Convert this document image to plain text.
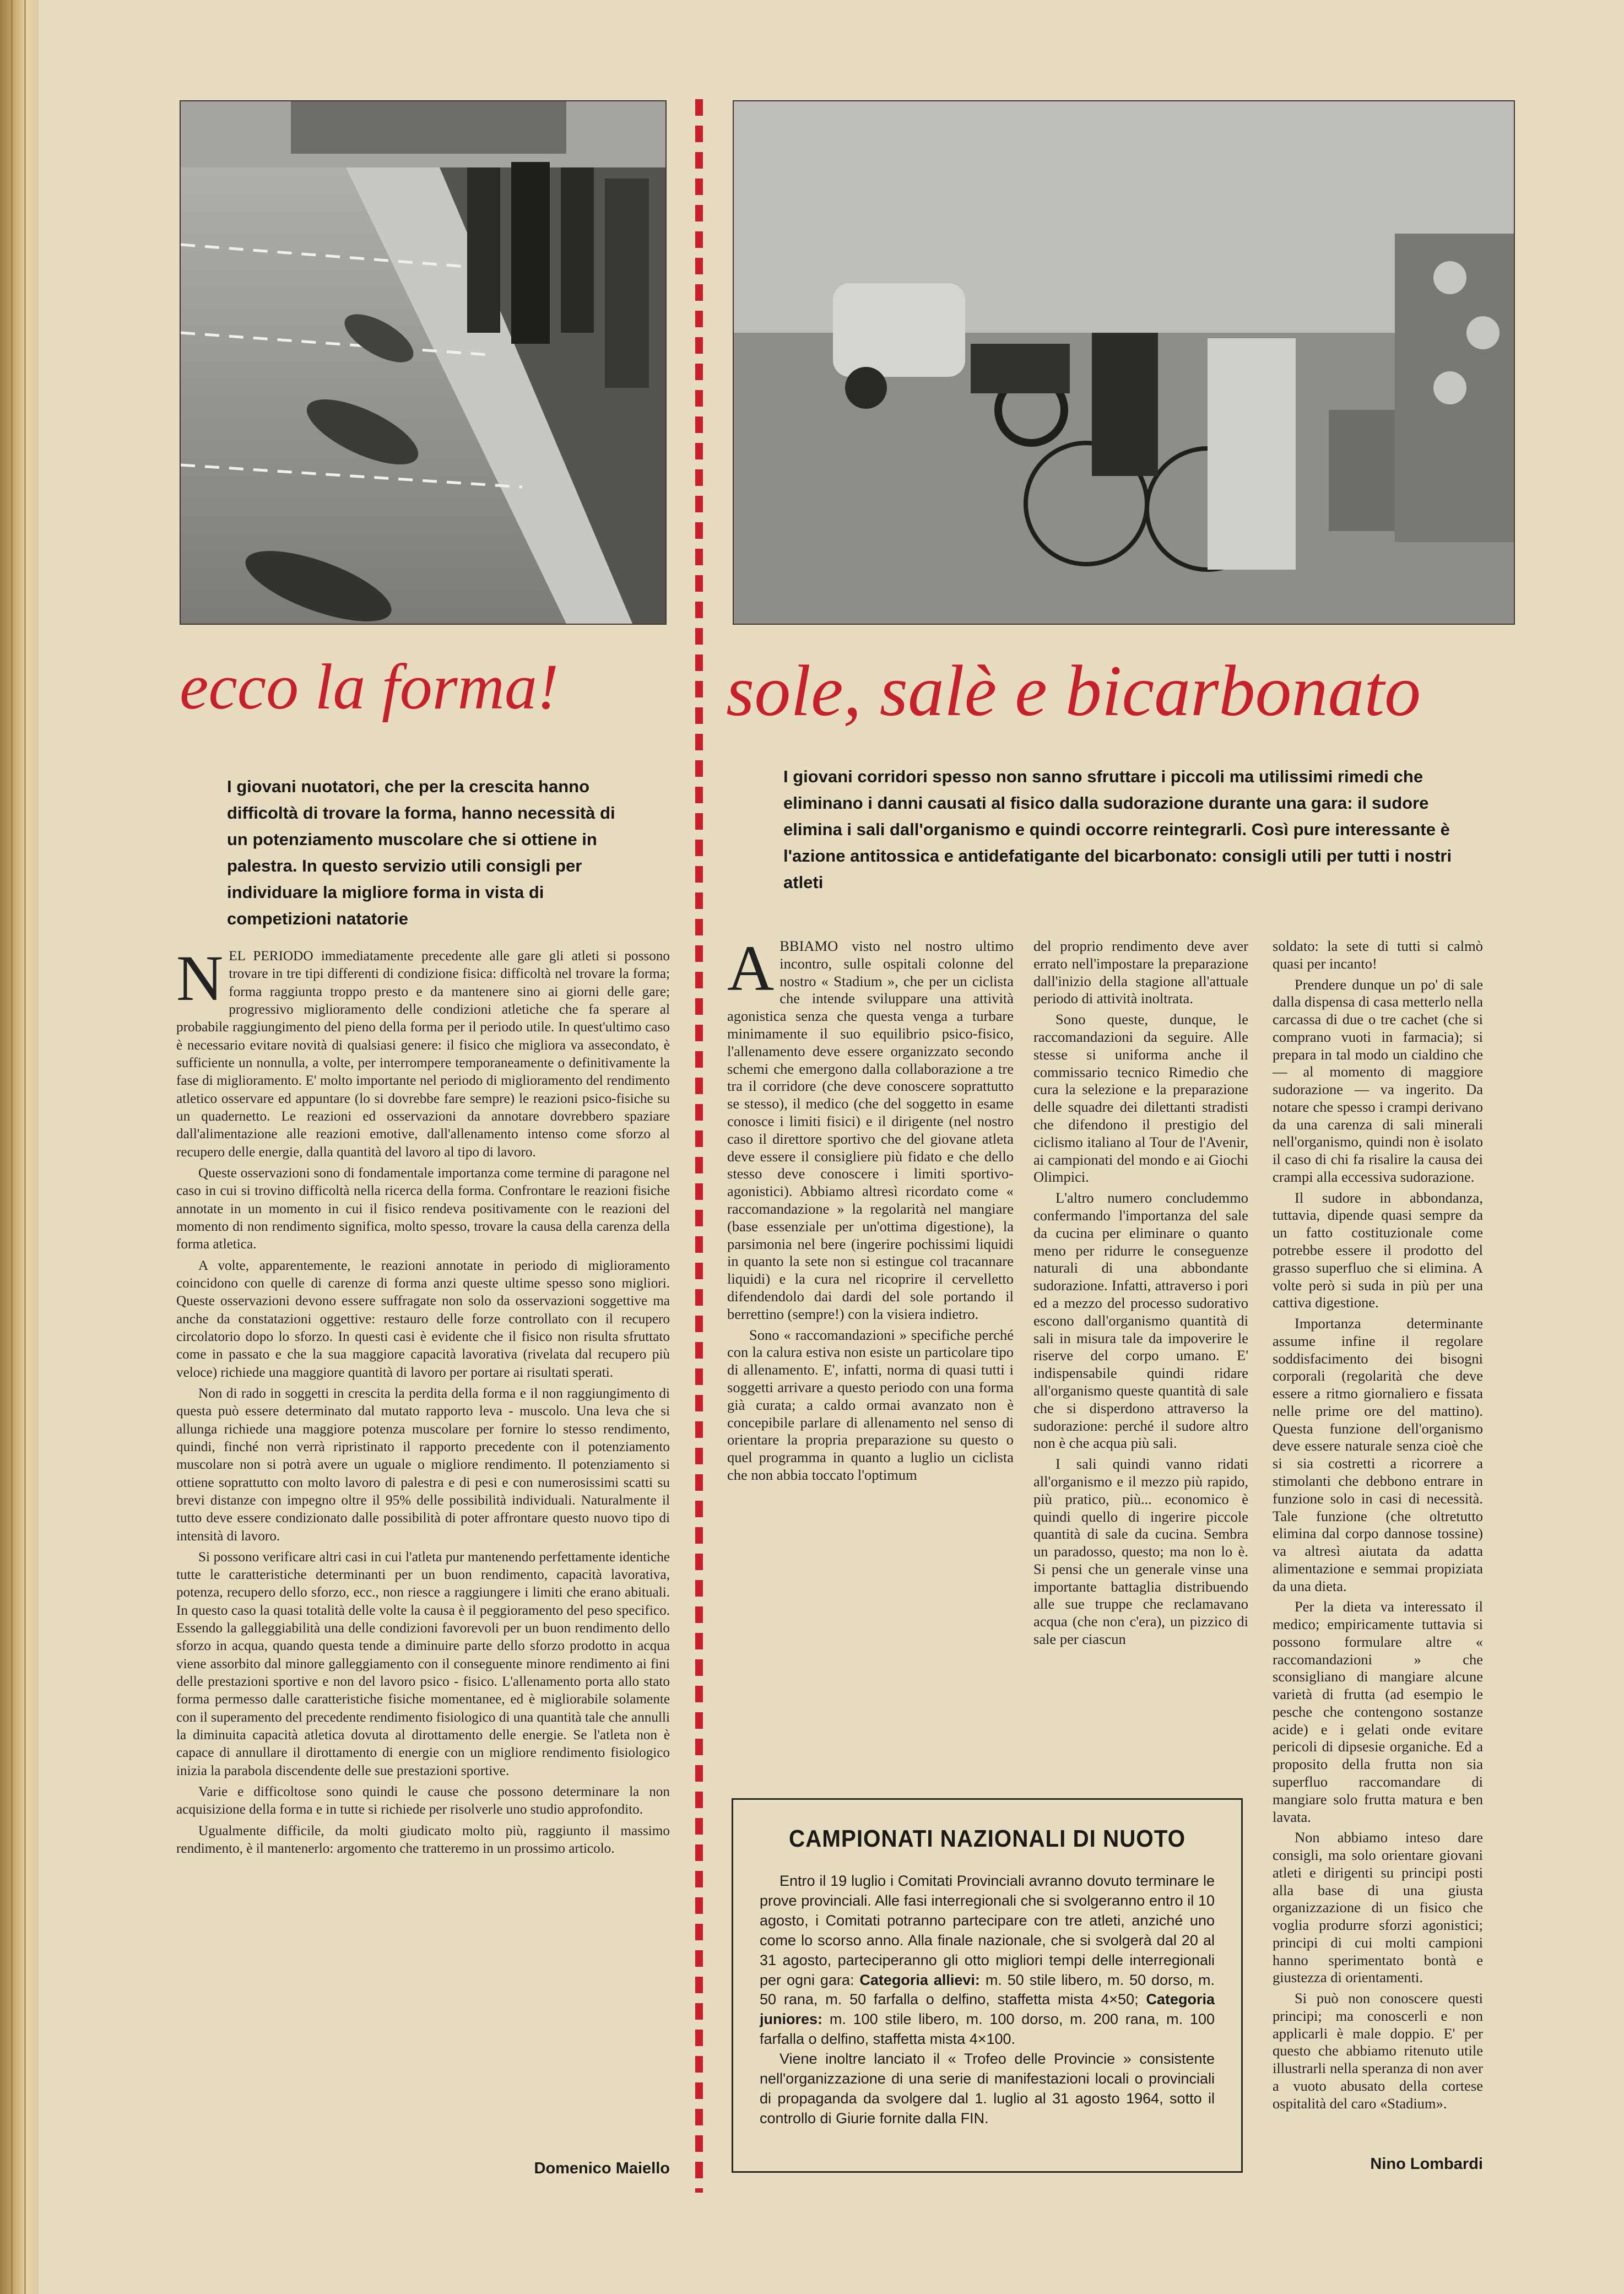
ecco la forma! sole, salè e bicarbonato
I giovani nuotatori, che per la crescita hanno difficoltà di trovare la forma, hanno necessità di un potenziamento muscolare che si ottiene in palestra. In questo servizio utili consigli per individuare la migliore forma in vista di competizioni natatorie
I giovani corridori spesso non sanno sfruttare i piccoli ma utilissimi rimedi che eliminano i danni causati al fisico dalla sudorazione durante una gara: il sudore elimina i sali dall'organismo e quindi occorre reintegrarli. Così pure interessante è l'azione antitossica e antidefatigante del bicarbonato: consigli utili per tutti i nostri atleti

NEL PERIODO immediatamente precedente alle gare gli atleti si possono trovare in tre tipi differenti di condizione fisica: difficoltà nel trovare la forma; forma raggiunta troppo presto e da mantenere sino ai giorni delle gare; progressivo miglioramento delle condizioni atletiche che fa sperare al probabile raggiungimento del pieno della forma per il periodo utile. In quest'ultimo caso è necessario evitare novità di qualsiasi genere: il fisico che migliora va assecondato, è sufficiente un nonnulla, a volte, per interrompere temporaneamente o definitivamente la fase di miglioramento. E' molto importante nel periodo di miglioramento del rendimento atletico osservare ed appuntare (lo si dovrebbe fare sempre) le reazioni psico-fisiche su un quadernetto. Le reazioni ed osservazioni da annotare dovrebbero spaziare dall'alimentazione alle reazioni emotive, dall'allenamento intenso come sforzo al recupero delle energie, dalla quantità del lavoro al tipo di lavoro.

Queste osservazioni sono di fondamentale importanza come termine di paragone nel caso in cui si trovino difficoltà nella ricerca della forma. Confrontare le reazioni fisiche annotate in un momento in cui il fisico rendeva positivamente con le reazioni del momento di non rendimento significa, molto spesso, trovare la causa della carenza della forma atletica.

A volte, apparentemente, le reazioni annotate in periodo di miglioramento coincidono con quelle di carenze di forma anzi queste ultime spesso sono migliori. Queste osservazioni devono essere suffragate non solo da osservazioni soggettive ma anche da constatazioni oggettive: restauro delle forze controllato con il recupero circolatorio dopo lo sforzo. In questi casi è evidente che il fisico non risulta sfruttato come in passato e che la sua maggiore capacità lavorativa (rivelata dal recupero più veloce) richiede una maggiore quantità di lavoro per portare ai risultati sperati.

Non di rado in soggetti in crescita la perdita della forma e il non raggiungimento di questa può essere determinato dal mutato rapporto leva - muscolo. Una leva che si allunga richiede una maggiore potenza muscolare per fornire lo stesso rendimento, quindi, finché non verrà ripristinato il rapporto precedente con il potenziamento muscolare non si potrà avere un uguale o migliore rendimento. Il potenziamento si ottiene soprattutto con molto lavoro di palestra e di pesi e con numerosissimi scatti su brevi distanze con impegno oltre il 95% delle possibilità individuali. Naturalmente il tutto deve essere condizionato dalle possibilità di poter affrontare questo nuovo tipo di intensità di lavoro.

Si possono verificare altri casi in cui l'atleta pur mantenendo perfettamente identiche tutte le caratteristiche determinanti per un buon rendimento, capacità lavorativa, potenza, recupero dello sforzo, ecc., non riesce a raggiungere i limiti che erano abituali. In questo caso la quasi totalità delle volte la causa è il peggioramento del peso specifico. Essendo la galleggiabilità una delle condizioni favorevoli per un buon rendimento dello sforzo in acqua, quando questa tende a diminuire parte dello sforzo prodotto in acqua viene assorbito dal minore galleggiamento con il conseguente minore rendimento ai fini delle prestazioni sportive e non del lavoro psico - fisico. L'allenamento porta allo stato forma permesso dalle caratteristiche fisiche momentanee, ed è migliorabile solamente con il superamento del precedente rendimento fisiologico di una quantità tale che annulli la diminuita capacità atletica dovuta al dirottamento delle energie. Se l'atleta non è capace di annullare il dirottamento di energie con un migliore rendimento fisiologico inizia la parabola discendente delle sue prestazioni sportive.

Varie e difficoltose sono quindi le cause che possono determinare la non acquisizione della forma e in tutte si richiede per risolverle uno studio approfondito.

Ugualmente difficile, da molti giudicato molto più, raggiunto il massimo rendimento, è il mantenerlo: argomento che tratteremo in un prossimo articolo.

Domenico Maiello

ABBIAMO visto nel nostro ultimo incontro, sulle ospitali colonne del nostro « Stadium », che per un ciclista che intende sviluppare una attività agonistica senza che questa venga a turbare minimamente il suo equilibrio psico-fisico, l'allenamento deve essere organizzato secondo schemi che emergono dalla collaborazione a tre tra il corridore (che deve conoscere soprattutto se stesso), il medico (che del soggetto in esame conosce i limiti fisici) e il dirigente (nel nostro caso il direttore sportivo che del giovane atleta deve essere il consigliere più fidato e che dello stesso deve conoscere i limiti sportivo-agonistici). Abbiamo altresì ricordato come « raccomandazione » la regolarità nel mangiare (base essenziale per un'ottima digestione), la parsimonia nel bere (ingerire pochissimi liquidi in quanto la sete non si estingue col tracannare liquidi) e la cura nel ricoprire il cervelletto difendendolo dai dardi del sole portando il berrettino (sempre!) con la visiera indietro.

Sono « raccomandazioni » specifiche perché con la calura estiva non esiste un particolare tipo di allenamento. E', infatti, norma di quasi tutti i soggetti arrivare a questo periodo con una forma già curata; a caldo ormai avanzato non è concepibile parlare di allenamento nel senso di orientare la propria preparazione su questo o quel programma in quanto a luglio un ciclista che non abbia toccato l'optimum

del proprio rendimento deve aver errato nell'impostare la preparazione dall'inizio della stagione all'attuale periodo di attività inoltrata.

Sono queste, dunque, le raccomandazioni da seguire. Alle stesse si uniforma anche il commissario tecnico Rimedio che cura la selezione e la preparazione delle squadre dei dilettanti stradisti che difendono il prestigio del ciclismo italiano al Tour de l'Avenir, ai campionati del mondo e ai Giochi Olimpici.

L'altro numero concludemmo confermando l'importanza del sale da cucina per eliminare o quanto meno per ridurre le conseguenze naturali di una abbondante sudorazione. Infatti, attraverso i pori ed a mezzo del processo sudorativo escono dall'organismo quantità di sali in misura tale da impoverire le riserve del corpo umano. E' indispensabile quindi ridare all'organismo queste quantità di sale che si disperdono attraverso la sudorazione: perché il sudore altro non è che acqua più sali.

I sali quindi vanno ridati all'organismo e il mezzo più rapido, più pratico, più... economico è quindi quello di ingerire piccole quantità di sale da cucina. Sembra un paradosso, questo; ma non lo è. Si pensi che un generale vinse una importante battaglia distribuendo alle sue truppe che reclamavano acqua (che non c'era), un pizzico di sale per ciascun

soldato: la sete di tutti si calmò quasi per incanto!

Prendere dunque un po' di sale dalla dispensa di casa metterlo nella carcassa di due o tre cachet (che si comprano vuoti in farmacia); si prepara in tal modo un cialdino che — al momento di maggiore sudorazione — va ingerito. Da notare che spesso i crampi derivano da una carenza di sali minerali nell'organismo, quindi non è isolato il caso di chi fa risalire la causa dei crampi alla eccessiva sudorazione.

Il sudore in abbondanza, tuttavia, dipende quasi sempre da un fatto costituzionale come potrebbe essere il prodotto del grasso superfluo che si elimina. A volte però si suda in più per una cattiva digestione.

Importanza determinante assume infine il regolare soddisfacimento dei bisogni corporali (regolarità che deve essere a ritmo giornaliero e fissata nelle prime ore del mattino). Questa funzione dell'organismo deve essere naturale senza cioè che si sia costretti a ricorrere a stimolanti che debbono entrare in funzione solo in casi di necessità. Tale funzione (che oltretutto elimina dal corpo dannose tossine) va altresì aiutata da adatta alimentazione e semmai propiziata da una dieta.

Per la dieta va interessato il medico; empiricamente tuttavia si possono formulare altre « raccomandazioni » che sconsigliano di mangiare alcune varietà di frutta (ad esempio le pesche che contengono sostanze acide) e i gelati onde evitare pericoli di dipsesie organiche. Ed a proposito della frutta non sia superfluo raccomandare di mangiare solo frutta matura e ben lavata.

Non abbiamo inteso dare consigli, ma solo orientare giovani atleti e dirigenti su principi posti alla base di una giusta organizzazione di un fisico che voglia produrre sforzi agonistici; principi di cui molti campioni hanno sperimentato bontà e giustezza di orientamenti.

Si può non conoscere questi principi; ma conoscerli e non applicarli è male doppio. E' per questo che abbiamo ritenuto utile illustrarli nella speranza di non aver a vuoto abusato della cortese ospitalità del caro «Stadium».

Nino Lombardi
CAMPIONATI NAZIONALI DI NUOTO
Entro il 19 luglio i Comitati Provinciali avranno dovuto terminare le prove provinciali. Alle fasi interregionali che si svolgeranno entro il 10 agosto, i Comitati potranno partecipare con tre atleti, anziché uno come lo scorso anno. Alla finale nazionale, che si svolgerà dal 20 al 31 agosto, parteciperanno gli otto migliori tempi delle interregionali per ogni gara: Categoria allievi: m. 50 stile libero, m. 50 dorso, m. 50 rana, m. 50 farfalla o delfino, staffetta mista 4×50; Categoria juniores: m. 100 stile libero, m. 100 dorso, m. 200 rana, m. 100 farfalla o delfino, staffetta mista 4×100.
Viene inoltre lanciato il « Trofeo delle Provincie » consistente nell'organizzazione di una serie di manifestazioni locali o provinciali di propaganda da svolgere dal 1. luglio al 31 agosto 1964, sotto il controllo di Giurie fornite dalla FIN.
